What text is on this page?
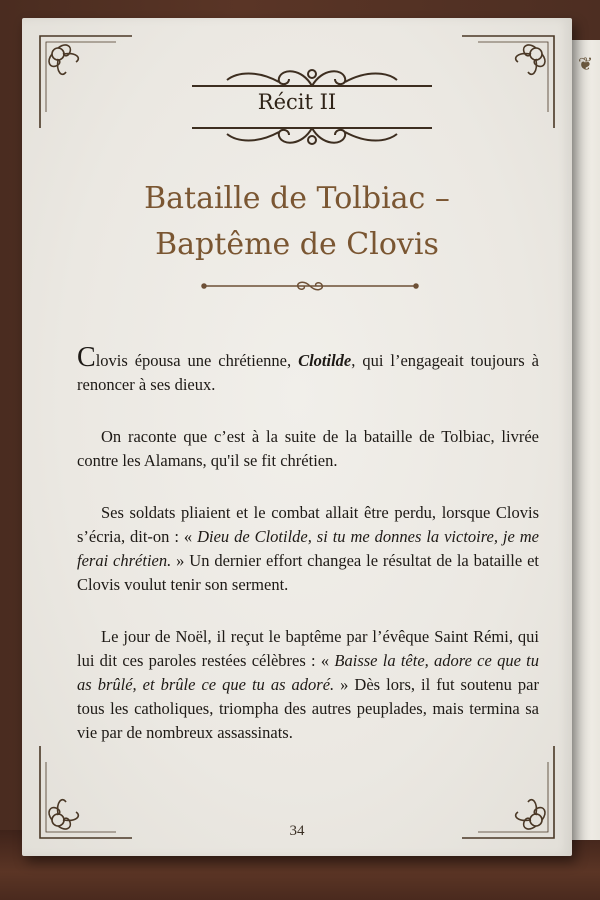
❦
Récit II
Bataille de Tolbiac –
Baptême de Clovis

Clovis épousa une chrétienne, Clotilde, qui l’engageait toujours à renoncer à ses dieux.

On raconte que c’est à la suite de la bataille de Tolbiac, livrée contre les Alamans, qu'il se fit chrétien.

Ses soldats pliaient et le combat allait être perdu, lorsque Clovis s’écria, dit-on : « Dieu de Clotilde, si tu me donnes la victoire, je me ferai chrétien. » Un dernier effort changea le résultat de la bataille et Clovis voulut tenir son serment.

Le jour de Noël, il reçut le baptême par l’évêque Saint Rémi, qui lui dit ces paroles restées célèbres : « Baisse la tête, adore ce que tu as brûlé, et brûle ce que tu as adoré. » Dès lors, il fut soutenu par tous les catholiques, triompha des autres peuplades, mais termina sa vie par de nombreux assassinats.

34
